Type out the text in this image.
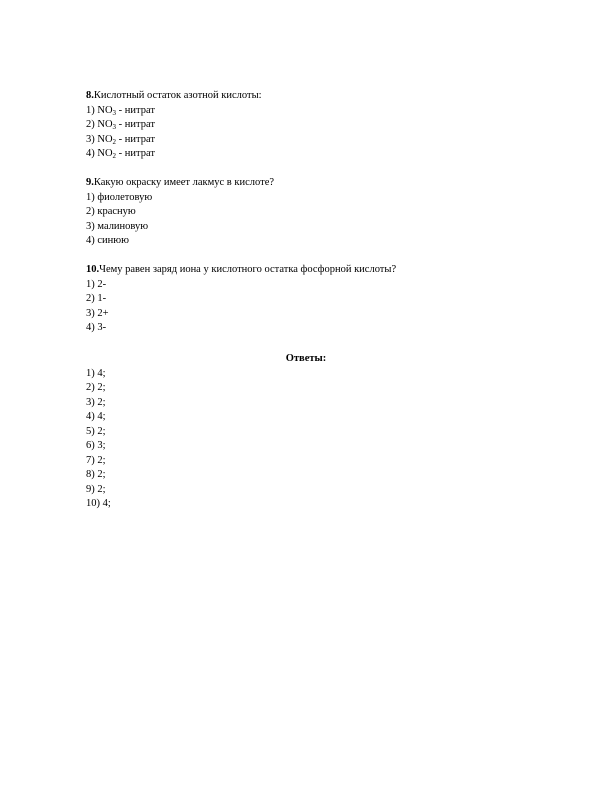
8.Кислотный остаток азотной кислоты:
1) $NO_3$ - нитрат
2) $NO_3$ - нитрат
3) $NO_2$ - нитрат
4) $NO_2$ - нитрат
9.Какую окраску имеет лакмус в кислоте?
1) фиолетовую
2) красную
3) малиновую
4) синюю
10.Чему равен заряд иона у кислотного остатка фосфорной кислоты?
1) 2-
2) 1-
3) 2+
4) 3-
Ответы:
1) 4;
2) 2;
3) 2;
4) 4;
5) 2;
6) 3;
7) 2;
8) 2;
9) 2;
10) 4;
